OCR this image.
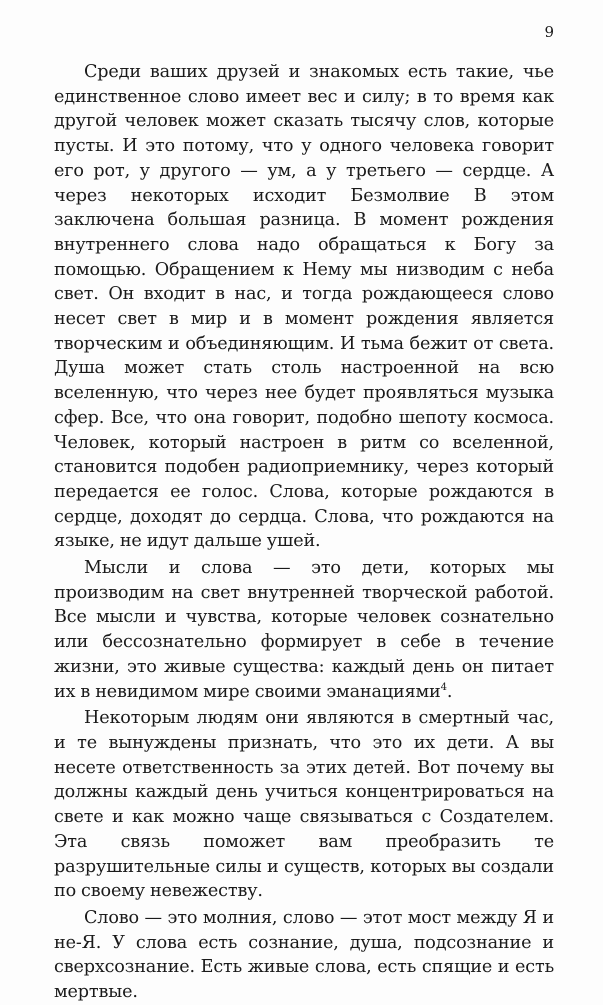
9

Среди ваших друзей и знакомых есть такие, чье единственное слово имеет вес и силу; в то время как другой человек может сказать тысячу слов, которые пусты. И это потому, что у одного человека говорит его рот, у другого — ум, а у третьего — сердце. А через некоторых исходит Безмолвие В этом заключена большая разница. В момент рождения внутреннего слова надо обращаться к Богу за помощью. Обращением к Нему мы низводим с неба свет. Он входит в нас, и тогда рождающееся слово несет свет в мир и в момент рождения является творческим и объединяющим. И тьма бежит от света. Душа может стать столь настроенной на всю вселенную, что через нее будет проявляться музыка сфер. Все, что она говорит, подобно шепоту космоса. Человек, который настроен в ритм со вселенной, становится подобен радиоприемнику, через который передается ее голос. Слова, которые рождаются в сердце, доходят до сердца. Слова, что рождаются на языке, не идут дальше ушей.

Мысли и слова — это дети, которых мы производим на свет внутренней творческой работой. Все мысли и чувства, которые человек сознательно или бессознательно формирует в себе в течение жизни, это живые существа: каждый день он питает их в невидимом мире своими эманациями$^4$.

Некоторым людям они являются в смертный час, и те вынуждены признать, что это их дети. А вы несете ответственность за этих детей. Вот почему вы должны каждый день учиться концентрироваться на свете и как можно чаще связываться с Создателем. Эта связь поможет вам преобразить те разрушительные силы и существ, которых вы создали по своему невежеству.

Слово — это молния, слово — этот мост между Я и не-Я. У слова есть сознание, душа, подсознание и сверхсознание. Есть живые слова, есть спящие и есть мертвые.
